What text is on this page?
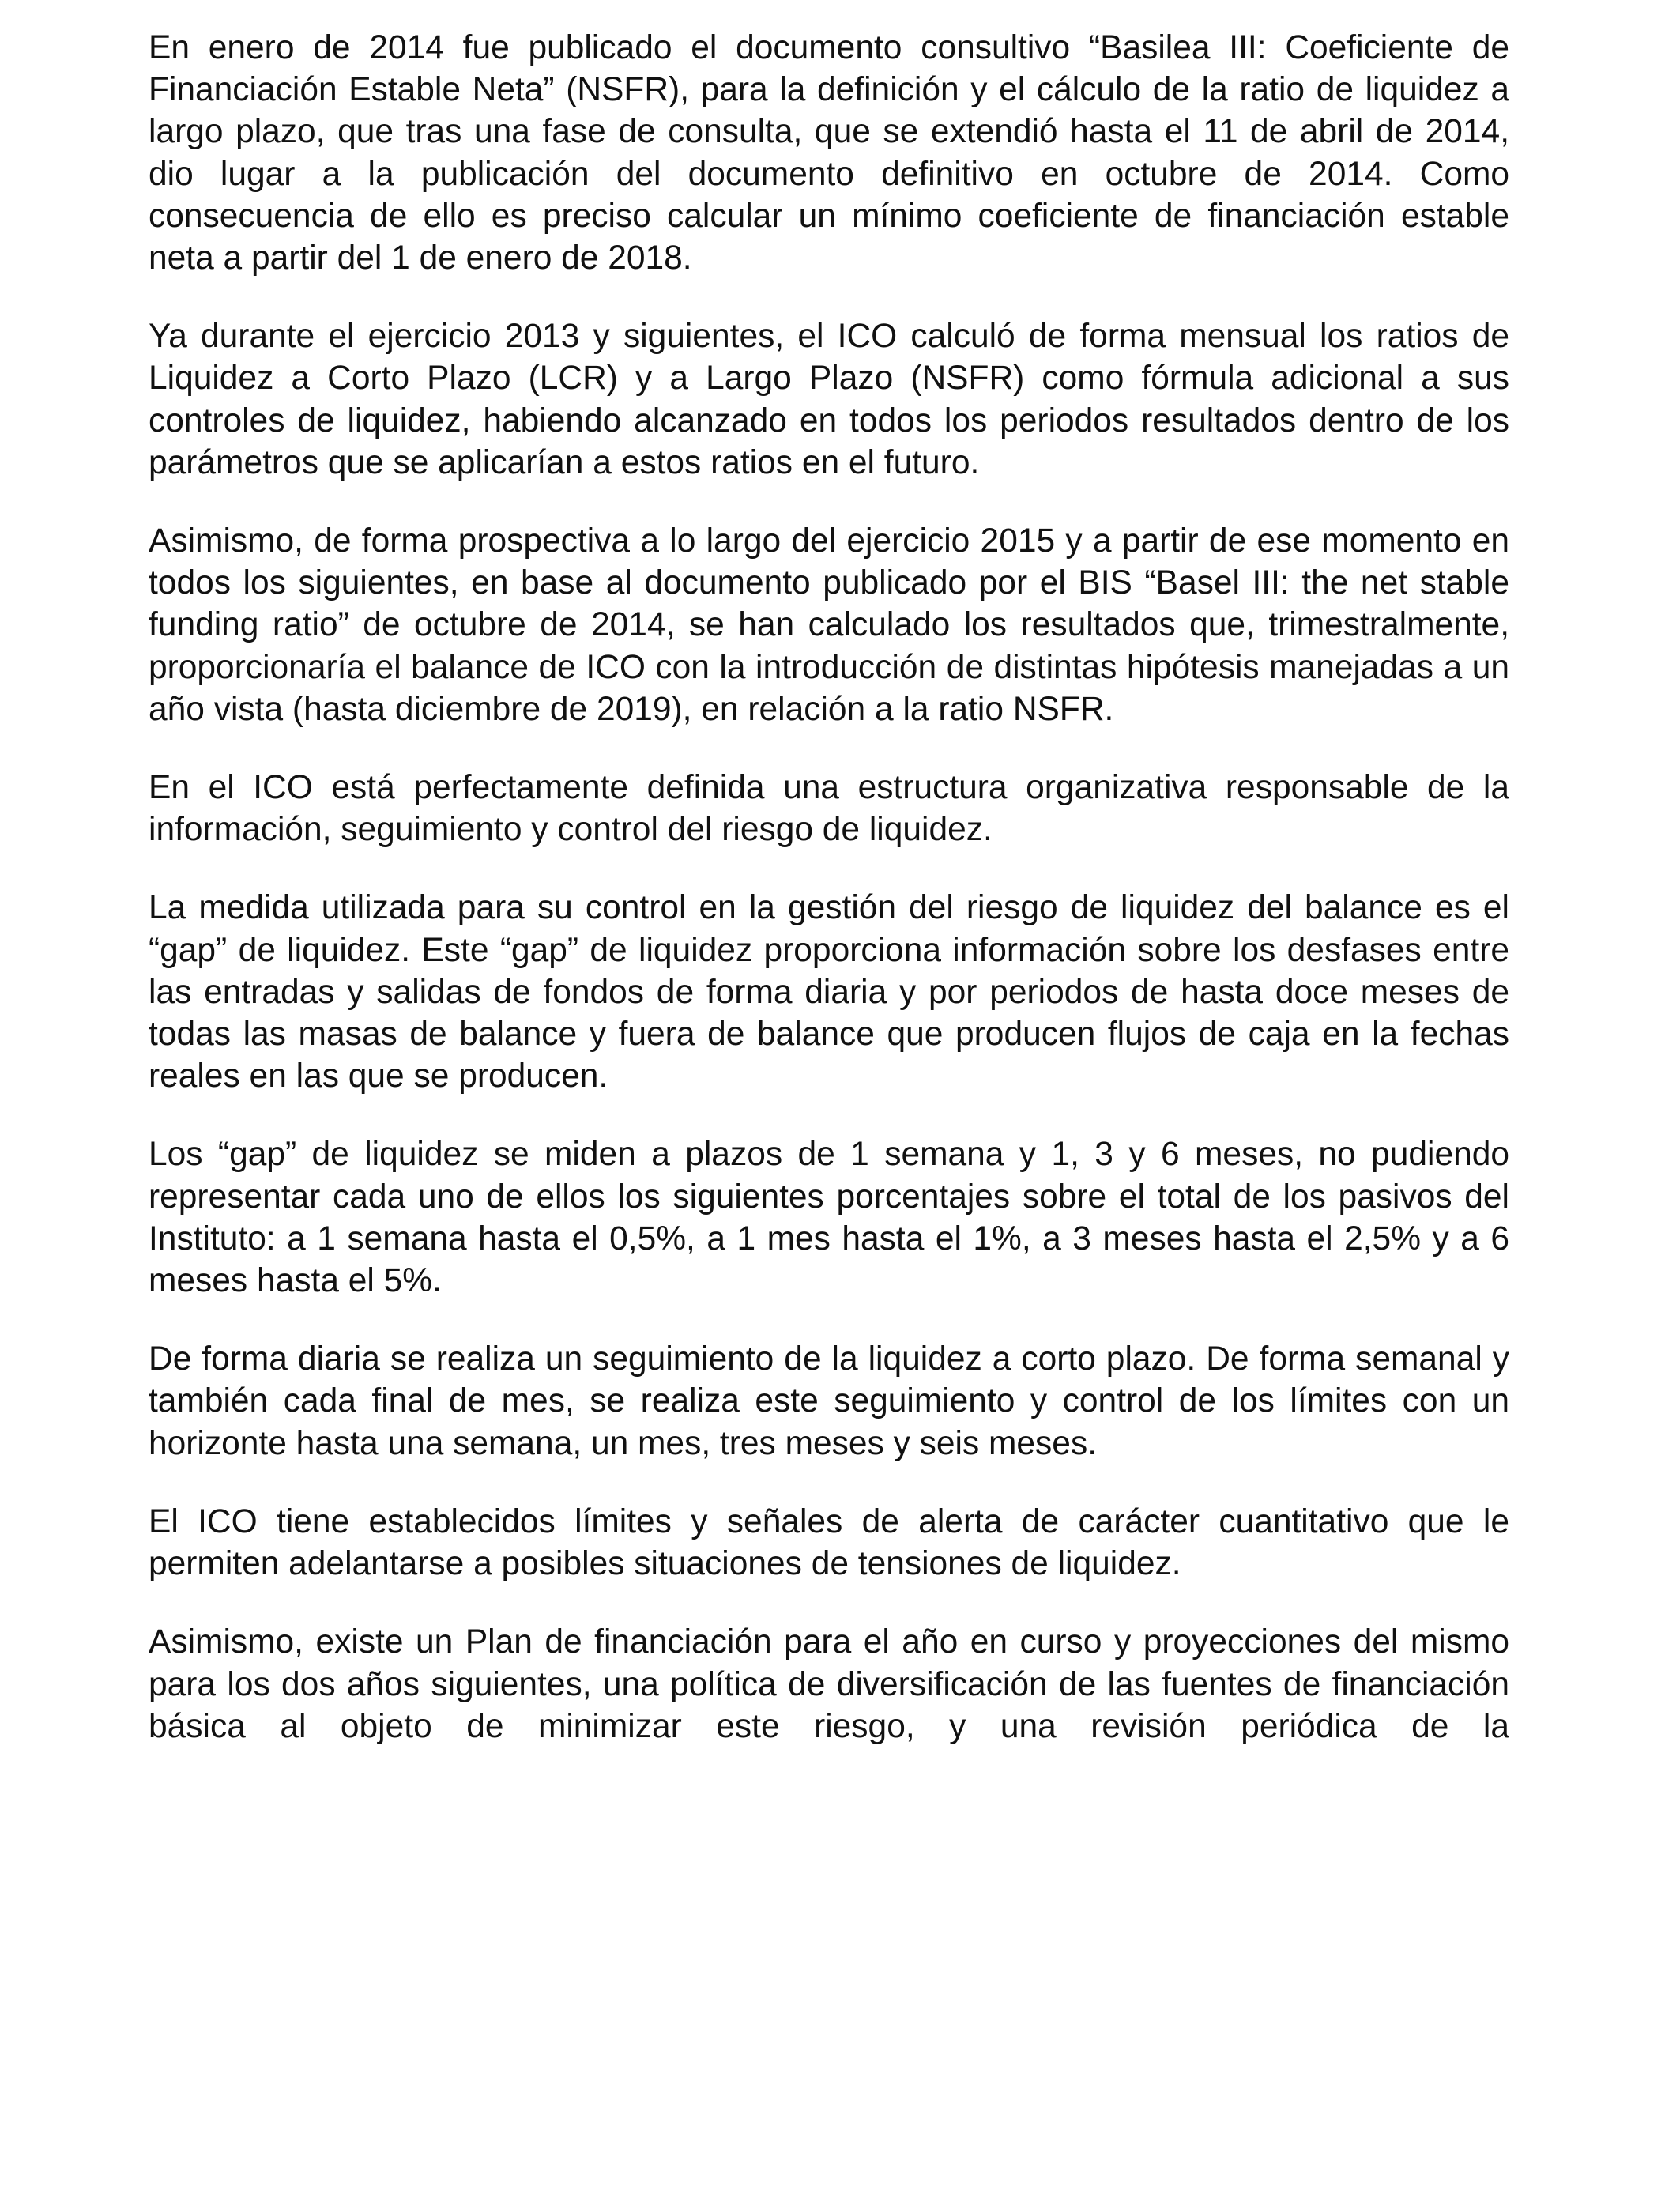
En enero de 2014 fue publicado el documento consultivo “Basilea III: Coeficiente de Financiación Estable Neta” (NSFR), para la definición y el cálculo de la ratio de liquidez a largo plazo, que tras una fase de consulta, que se extendió hasta el 11 de abril de 2014, dio lugar a la publicación del documento definitivo en octubre de 2014. Como consecuencia de ello es preciso calcular un mínimo coeficiente de financiación estable neta a partir del 1 de enero de 2018.

Ya durante el ejercicio 2013 y siguientes, el ICO calculó de forma mensual los ratios de Liquidez a Corto Plazo (LCR) y a Largo Plazo (NSFR) como fórmula adicional a sus controles de liquidez, habiendo alcanzado en todos los periodos resultados dentro de los parámetros que se aplicarían a estos ratios en el futuro.

Asimismo, de forma prospectiva a lo largo del ejercicio 2015 y a partir de ese momento en todos los siguientes, en base al documento publicado por el BIS “Basel III: the net stable funding ratio” de octubre de 2014, se han calculado los resultados que, trimestralmente, proporcionaría el balance de ICO con la introducción de distintas hipótesis manejadas a un año vista (hasta diciembre de 2019), en relación a la ratio NSFR.

En el ICO está perfectamente definida una estructura organizativa responsable de la información, seguimiento y control del riesgo de liquidez.

La medida utilizada para su control en la gestión del riesgo de liquidez del balance es el “gap” de liquidez. Este “gap” de liquidez proporciona información sobre los desfases entre las entradas y salidas de fondos de forma diaria y por periodos de hasta doce meses de todas las masas de balance y fuera de balance que producen flujos de caja en la fechas reales en las que se producen.

Los “gap” de liquidez se miden a plazos de 1 semana y 1, 3 y 6 meses, no pudiendo representar cada uno de ellos los siguientes porcentajes sobre el total de los pasivos del Instituto: a 1 semana hasta el 0,5%, a 1 mes hasta el 1%, a 3 meses hasta el 2,5% y a 6 meses hasta el 5%.

De forma diaria se realiza un seguimiento de la liquidez a corto plazo. De forma semanal y también cada final de mes, se realiza este seguimiento y control de los límites con un horizonte hasta una semana, un mes, tres meses y seis meses.

El ICO tiene establecidos límites y señales de alerta de carácter cuantitativo que le permiten adelantarse a posibles situaciones de tensiones de liquidez.

Asimismo, existe un Plan de financiación para el año en curso y proyecciones del mismo para los dos años siguientes, una política de diversificación de las fuentes de financiación básica al objeto de minimizar este riesgo, y una revisión periódica de la
